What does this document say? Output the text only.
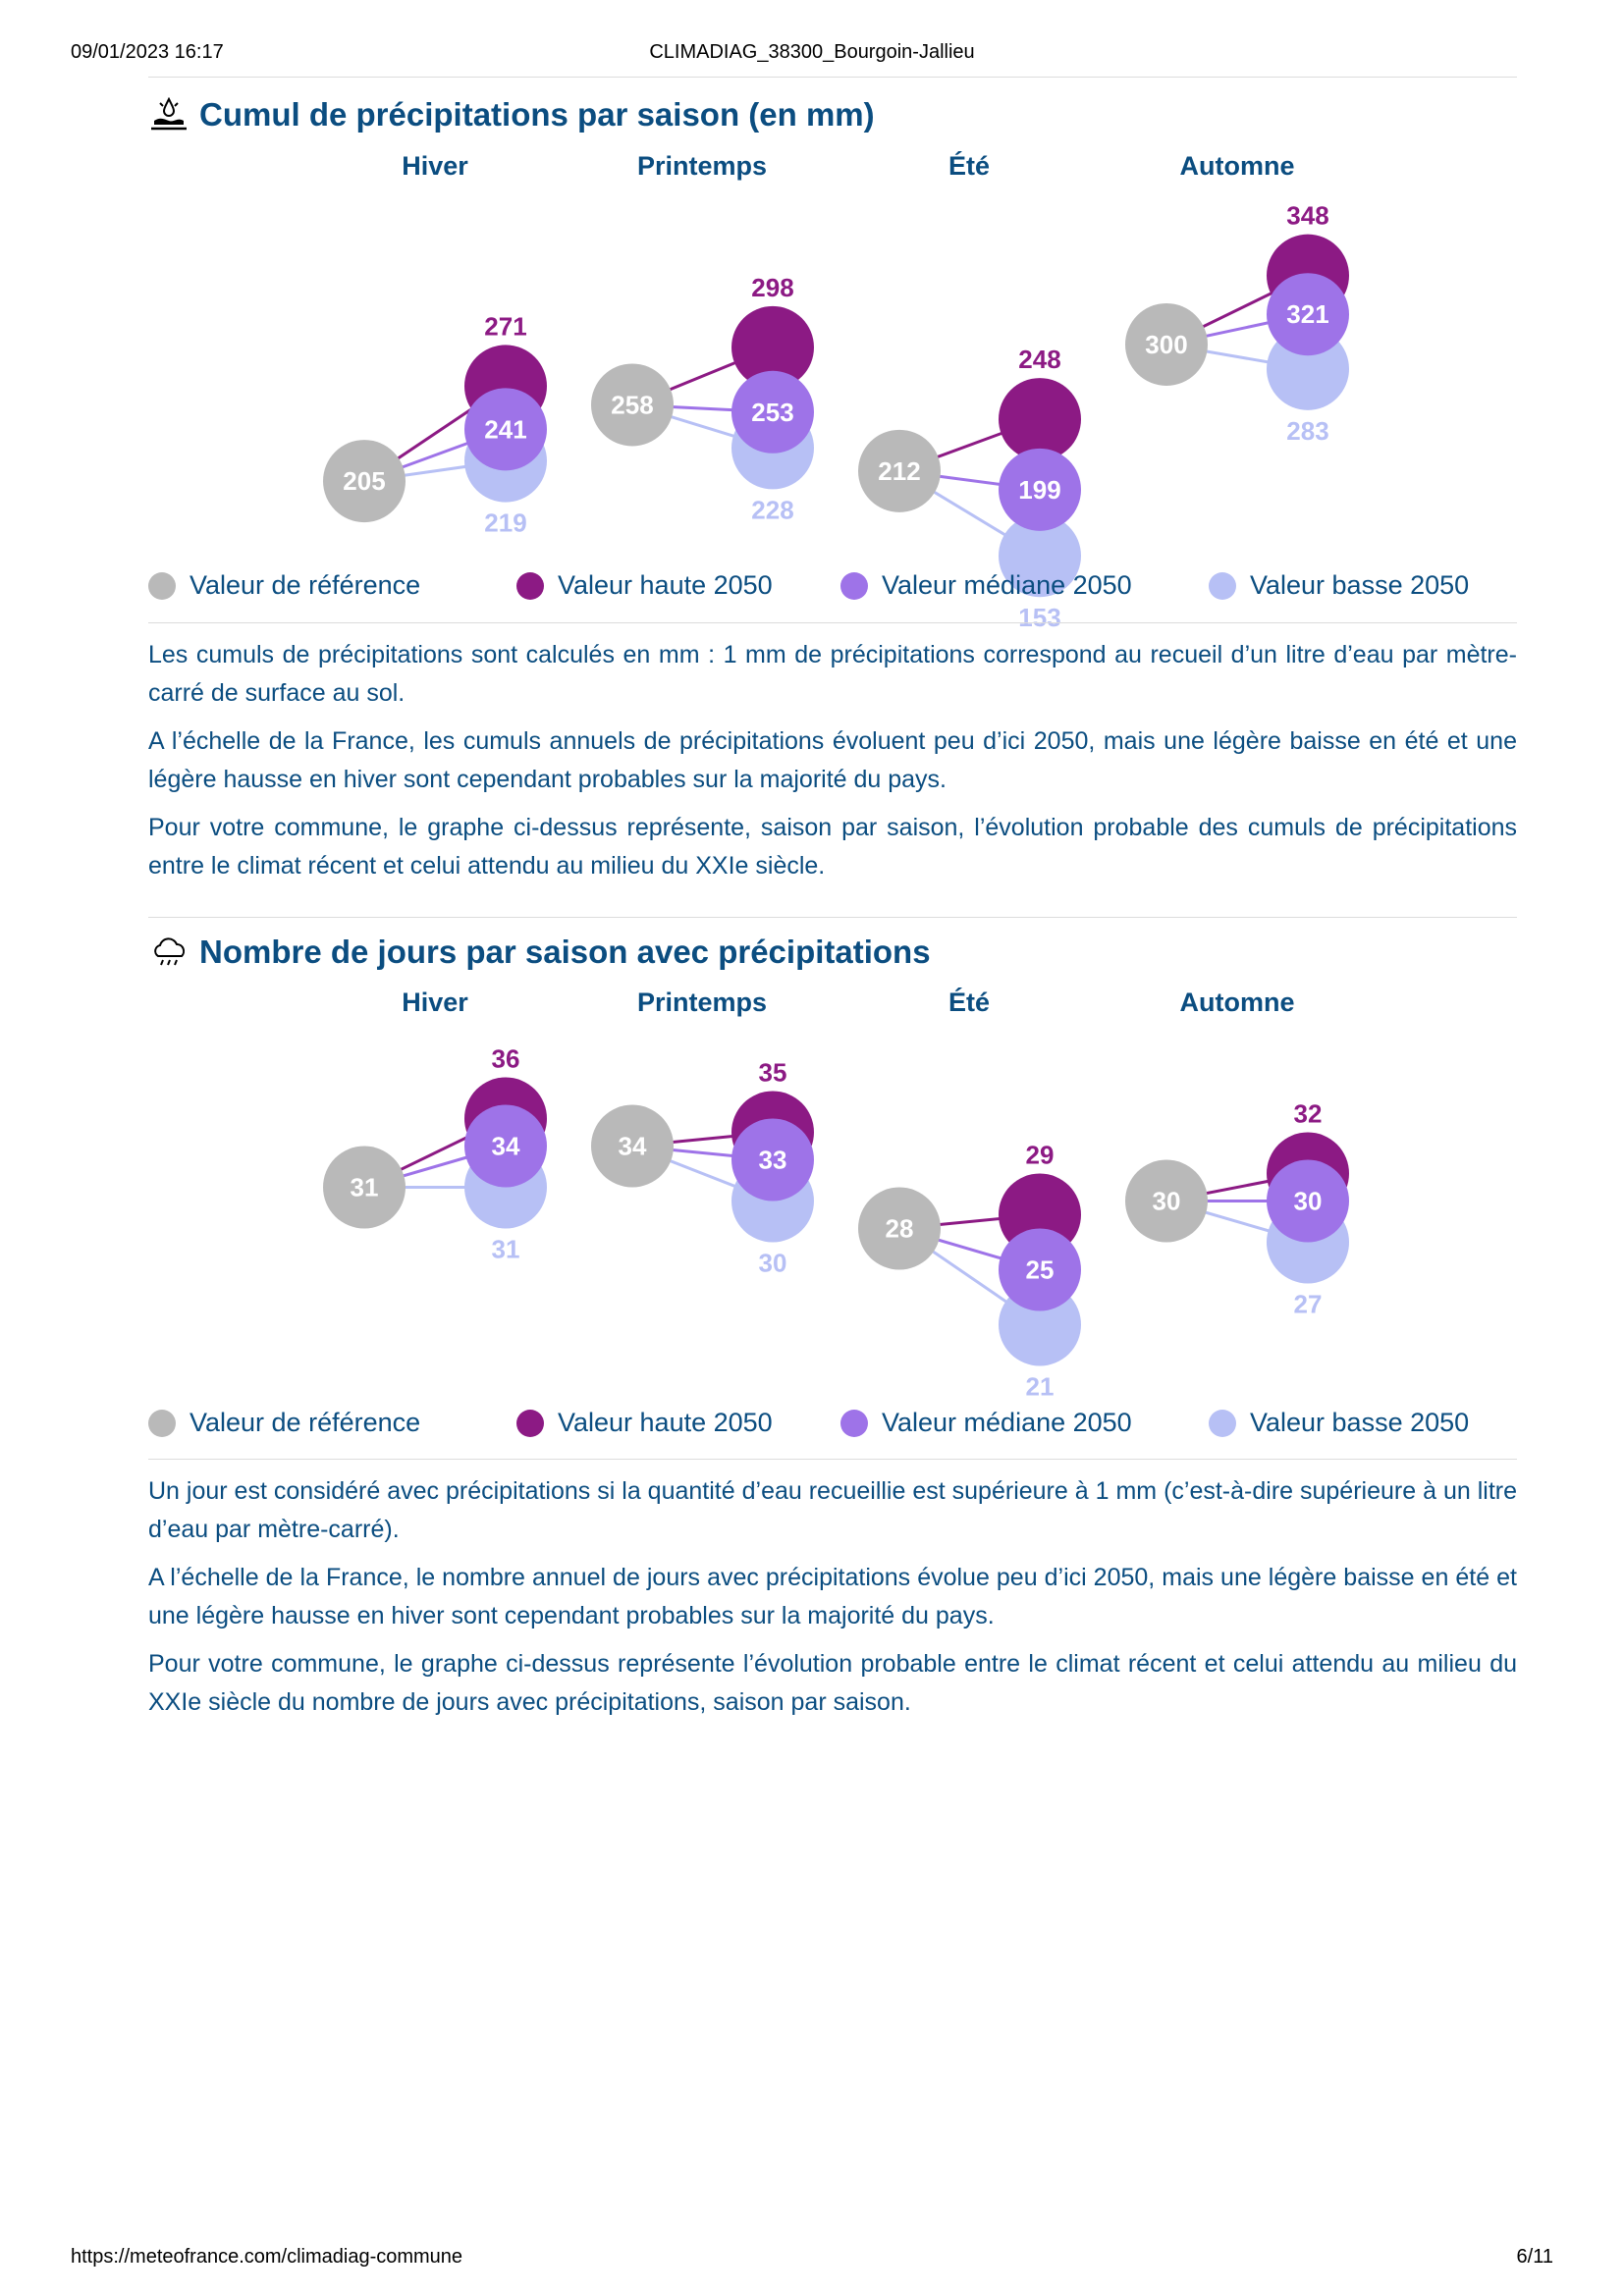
09/01/2023 16:17	CLIMADIAG_38300_Bourgoin-Jallieu
Cumul de précipitations par saison (en mm)
Hiver
205
271
241
219
Printemps
258
298
253
228
Été
212
248
199
153
Automne
300
348
321
283
Valeur de référence	Valeur haute 2050	Valeur médiane 2050	Valeur basse 2050

Les cumuls de précipitations sont calculés en mm : 1 mm de précipitations correspond au recueil d’un litre d’eau par mètre-carré de surface au sol.

A l’échelle de la France, les cumuls annuels de précipitations évoluent peu d’ici 2050, mais une légère baisse en été et une légère hausse en hiver sont cependant probables sur la majorité du pays.

Pour votre commune, le graphe ci-dessus représente, saison par saison, l’évolution probable des cumuls de précipitations entre le climat récent et celui attendu au milieu du XXIe siècle.

Nombre de jours par saison avec précipitations
Hiver
31
36
34
31
Printemps
34
35
33
30
Été
28
29
25
21
Automne
30
32
30
27
Valeur de référence	Valeur haute 2050	Valeur médiane 2050	Valeur basse 2050

Un jour est considéré avec précipitations si la quantité d’eau recueillie est supérieure à 1 mm (c’est-à-dire supérieure à un litre d’eau par mètre-carré).

A l’échelle de la France, le nombre annuel de jours avec précipitations évolue peu d’ici 2050, mais une légère baisse en été et une légère hausse en hiver sont cependant probables sur la majorité du pays.

Pour votre commune, le graphe ci-dessus représente l’évolution probable entre le climat récent et celui attendu au milieu du XXIe siècle du nombre de jours avec précipitations, saison par saison.

https://meteofrance.com/climadiag-commune	6/11
